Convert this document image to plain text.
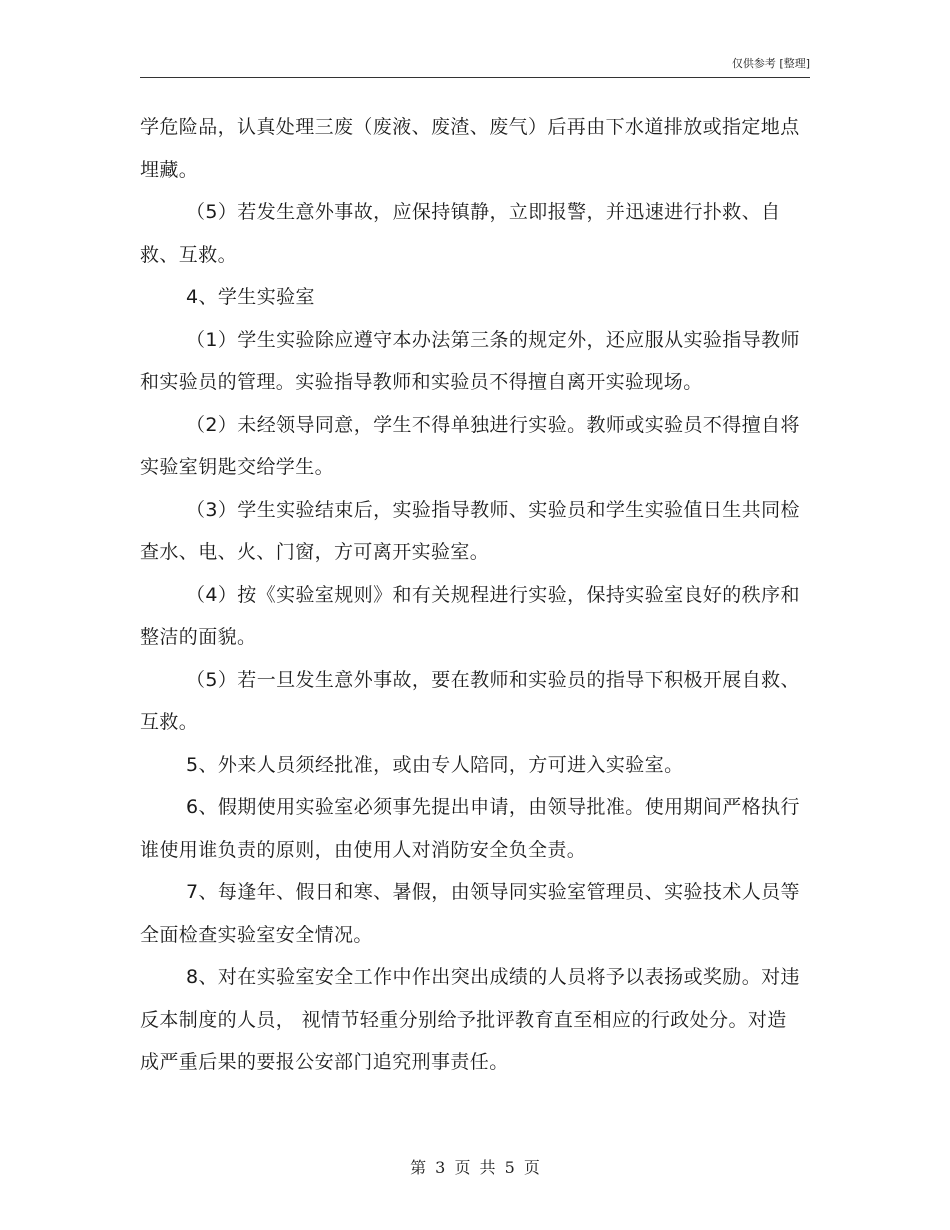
仅供参考 [整理]

学危险品，认真处理三废（废液、废渣、废气）后再由下水道排放或指定地点埋藏。

（5）若发生意外事故，应保持镇静，立即报警，并迅速进行扑救、自救、互救。

4、学生实验室

（1）学生实验除应遵守本办法第三条的规定外，还应服从实验指导教师和实验员的管理。实验指导教师和实验员不得擅自离开实验现场。

（2）未经领导同意，学生不得单独进行实验。教师或实验员不得擅自将实验室钥匙交给学生。

（3）学生实验结束后，实验指导教师、实验员和学生实验值日生共同检查水、电、火、门窗，方可离开实验室。

（4）按《实验室规则》和有关规程进行实验，保持实验室良好的秩序和整洁的面貌。

（5）若一旦发生意外事故，要在教师和实验员的指导下积极开展自救、互救。

5、外来人员须经批准，或由专人陪同，方可进入实验室。

6、假期使用实验室必须事先提出申请，由领导批准。使用期间严格执行谁使用谁负责的原则，由使用人对消防安全负全责。

7、每逢年、假日和寒、暑假，由领导同实验室管理员、实验技术人员等全面检查实验室安全情况。

8、对在实验室安全工作中作出突出成绩的人员将予以表扬或奖励。对违反本制度的人员， 视情节轻重分别给予批评教育直至相应的行政处分。对造成严重后果的要报公安部门追究刑事责任。

第 3 页 共 5 页
